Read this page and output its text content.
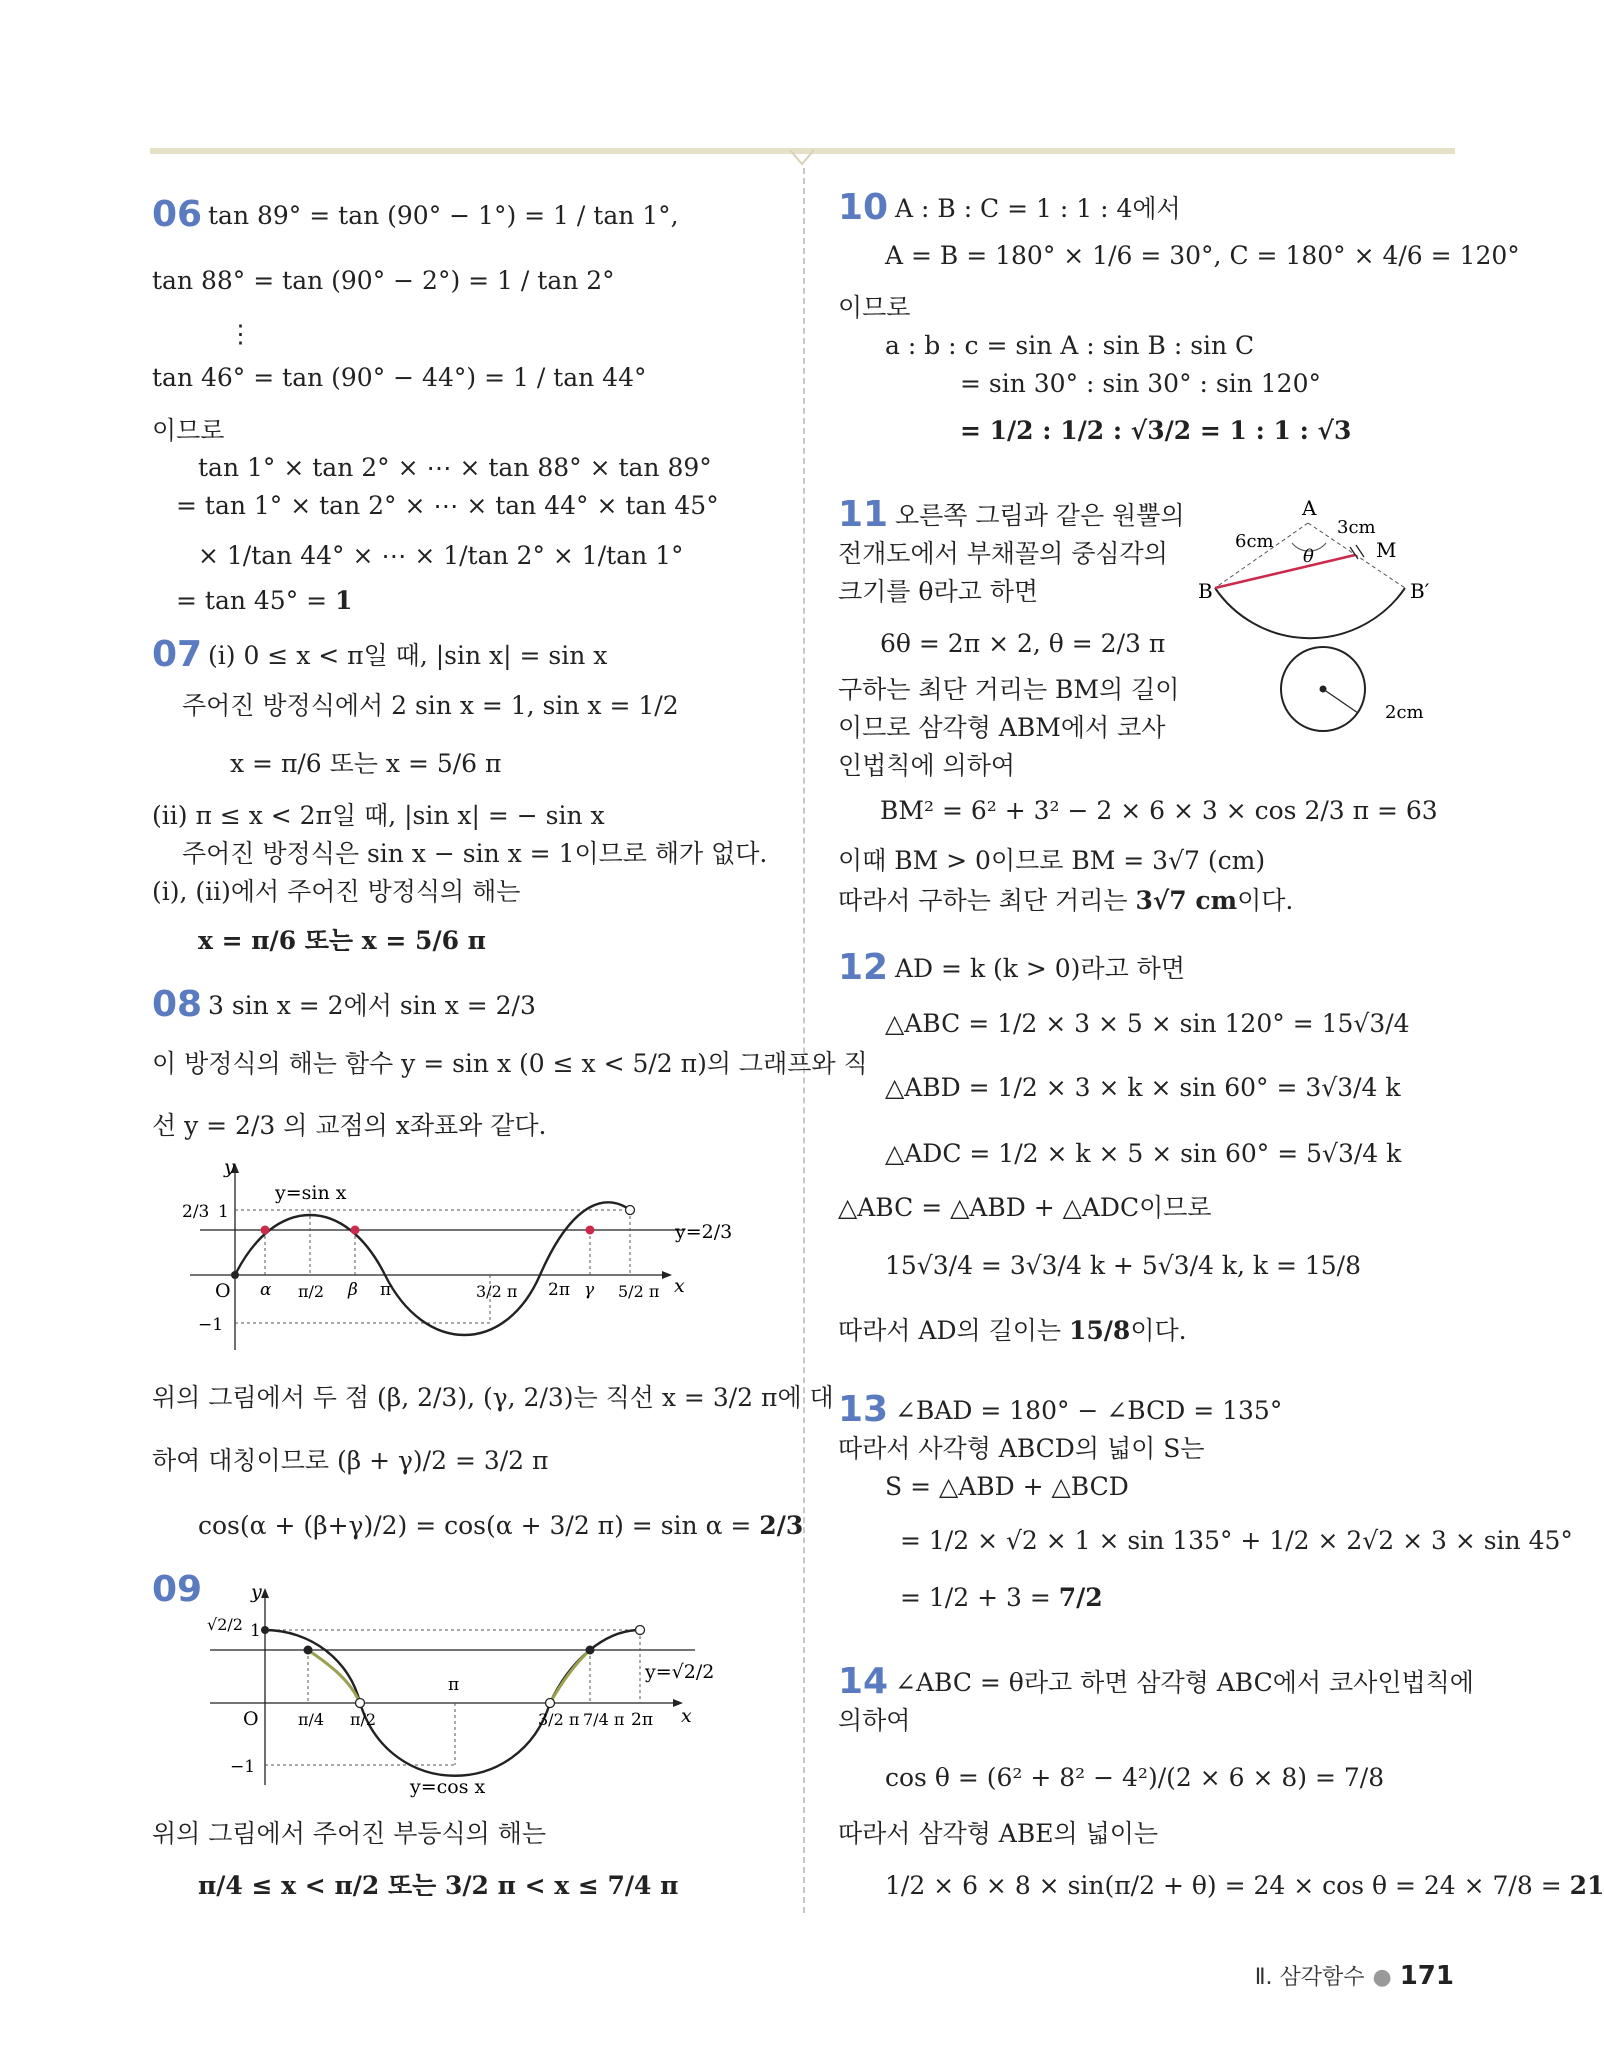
06 tan 89° = tan (90° − 1°) = 1 / tan 1°,
tan 88° = tan (90° − 2°) = 1 / tan 2°
⋮
tan 46° = tan (90° − 44°) = 1 / tan 44°
이므로
tan 1° × tan 2° × ⋯ × tan 88° × tan 89°
= tan 1° × tan 2° × ⋯ × tan 44° × tan 45°
× 1/tan 44° × ⋯ × 1/tan 2° × 1/tan 1°
= tan 45° = 1
07 (i) 0 ≤ x < π일 때, |sin x| = sin x
주어진 방정식에서 2 sin x = 1, sin x = 1/2
x = π/6 또는 x = 5/6 π
(ii) π ≤ x < 2π일 때, |sin x| = − sin x
주어진 방정식은 sin x − sin x = 1이므로 해가 없다.
(i), (ii)에서 주어진 방정식의 해는
x = π/6 또는 x = 5/6 π
08 3 sin x = 2에서 sin x = 2/3
이 방정식의 해는 함수 y = sin x (0 ≤ x < 5/2 π)의 그래프와 직
선 y = 2/3 의 교점의 x좌표와 같다.
y
x
O
y=sin x
y=2/3
1
2/3
−1
α π/2 β π	3/2 π 2π γ 5/2 π
위의 그림에서 두 점 (β, 2/3), (γ, 2/3)는 직선 x = 3/2 π에 대
하여 대칭이므로 (β + γ)/2 = 3/2 π
cos(α + (β+γ)/2) = cos(α + 3/2 π) = sin α = 2/3
09	y
x
O
y=cos x
y=√2/2
1
√2/2
−1
π/4 π/2
π
3/2 π 7/4 π 2π
위의 그림에서 주어진 부등식의 해는
π/4 ≤ x < π/2 또는 3/2 π < x ≤ 7/4 π
10 A : B : C = 1 : 1 : 4에서
A = B = 180° × 1/6 = 30°, C = 180° × 4/6 = 120°
이므로
a : b : c = sin A : sin B : sin C
= sin 30° : sin 30° : sin 120°
= 1/2 : 1/2 : √3/2 = 1 : 1 : √3
11 오른쪽 그림과 같은 원뿔의
전개도에서 부채꼴의 중심각의
크기를 θ라고 하면
6θ = 2π × 2, θ = 2/3 π
구하는 최단 거리는 BM의 길이
이므로 삼각형 ABM에서 코사
인법칙에 의하여
A
B	B′
M
θ
6cm
3cm
2cm
BM² = 6² + 3² − 2 × 6 × 3 × cos 2/3 π = 63
이때 BM > 0이므로 BM = 3√7 (cm)
따라서 구하는 최단 거리는 3√7 cm이다.
12 AD = k (k > 0)라고 하면
△ABC = 1/2 × 3 × 5 × sin 120° = 15√3/4
△ABD = 1/2 × 3 × k × sin 60° = 3√3/4 k
△ADC = 1/2 × k × 5 × sin 60° = 5√3/4 k
△ABC = △ABD + △ADC이므로
15√3/4 = 3√3/4 k + 5√3/4 k, k = 15/8
따라서 AD의 길이는 15/8이다.
13 ∠BAD = 180° − ∠BCD = 135°
따라서 사각형 ABCD의 넓이 S는
S = △ABD + △BCD
= 1/2 × √2 × 1 × sin 135° + 1/2 × 2√2 × 3 × sin 45°
= 1/2 + 3 = 7/2
14 ∠ABC = θ라고 하면 삼각형 ABC에서 코사인법칙에
의하여
cos θ = (6² + 8² − 4²)/(2 × 6 × 8) = 7/8
따라서 삼각형 ABE의 넓이는
1/2 × 6 × 8 × sin(π/2 + θ) = 24 × cos θ = 24 × 7/8 = 21
Ⅱ. 삼각함수 ● 171
